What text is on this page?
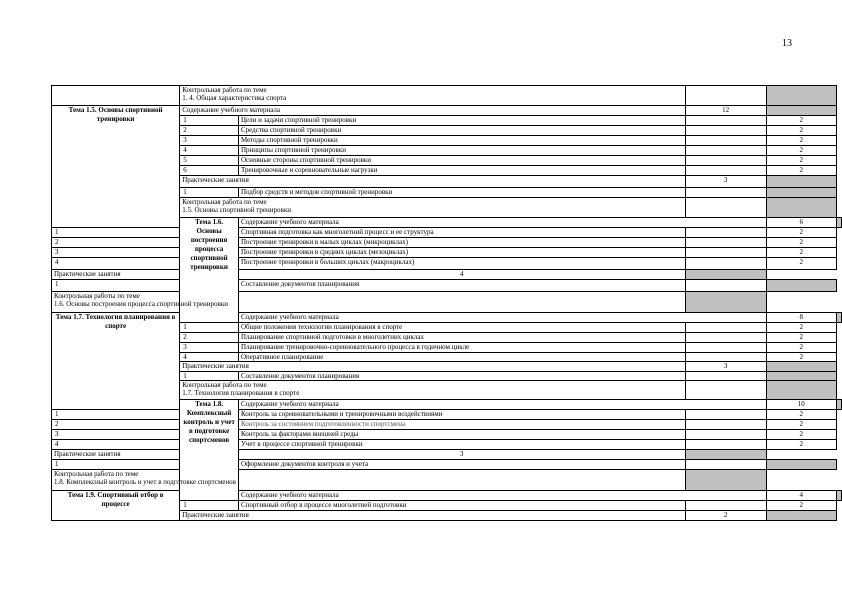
13

	Контрольная работа по теме
1. 4. Общая характеристика спорта				

Тема 1.5. Основы спортивной тренировки	Содержание учебного материала		12		
	1	Цели и задачи спортивной тренировки		2	
	2	Средства спортивной тренировки		2	
	3	Методы спортивной тренировки		2	
	4	Принципы спортивной тренировки		2	
	5	Основные стороны спортивной тренировки		2	
	6	Тренировочные и соревновательные нагрузки		2	

	Практические занятия		3		
	1	Подбор средств и методов спортивной тренировки			

	Контрольная работа по теме
1.5. Основы спортивной тренировки				

	Тема 1.6. Основы построения процесса спортивной тренировки	Содержание учебного материала		6	
1		Спортивная подготовка как многолетний процесс и ее структура		2	
2		Построение тренировки в малых циклах (микроциклах)		2	
3		Построение тренировки в средних циклах (мезоциклах)		2	
4		Построение тренировки в больших циклах (макроциклах)		2	

Практические занятия		4			
1		Составление документов планирования			

Контрольная работы по теме
1.6. Основы построения процесса спортивной тренировки					

Тема 1.7. Технология планирования в спорте		Содержание учебного материала		8	
	1	Общие положения технологии планирования в спорте		2	
	2	Планирование спортивной подготовки в многолетних циклах		2	
	3	Планирование тренировочно-соревновательного процесса в годичном цикле		2	
	4	Оперативное планирование		2	

	Практические занятия		3		
	1	Составление документов планирования			

	Контрольная работа по теме
1.7. Технология планирования в спорте				

	Тема 1.8. Комплексный контроль и учет в подготовке спортсменов	Содержание учебного материала		10	
1		Контроль за соревновательными и тренировочными воздействиями		2	
2		Контроль за состоянием подготовленности спортсмена		2	
3		Контроль за факторами внешней среды		2	
4		Учет в процессе спортивной тренировки		2	

Практические занятия		3			
1		Оформление документов контроля и учета			

Контрольная работа по теме
1.8. Комплексный контроль и учет в подготовке спортсменов					

Тема 1.9. Спортивный отбор в процессе		Содержание учебного материала		4	
	1	Спортивный отбор в процессе многолетней подготовки		2	

	Практические занятия		2		
